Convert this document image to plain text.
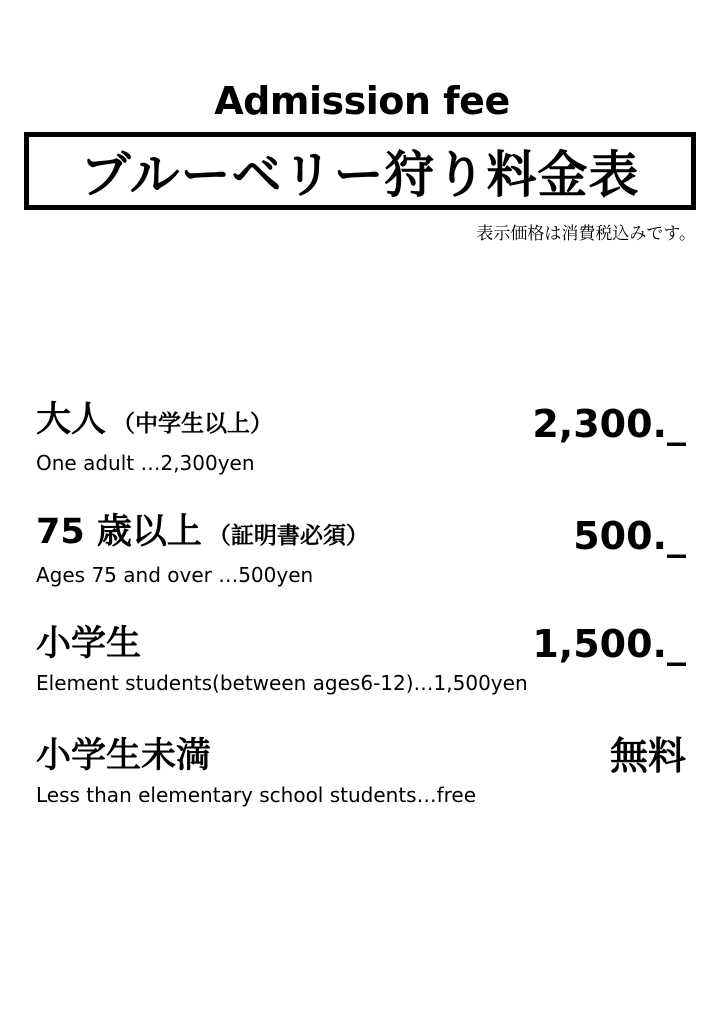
Admission fee
ブルーベリー狩り料金表
表示価格は消費税込みです。
大人 （中学生以上）	2,300._
One adult …2,300yen
75 歳以上 （証明書必須）	500._
Ages 75 and over …500yen
小学生	1,500._
Element students(between ages6-12)…1,500yen
小学生未満	無料
Less than elementary school students…free
